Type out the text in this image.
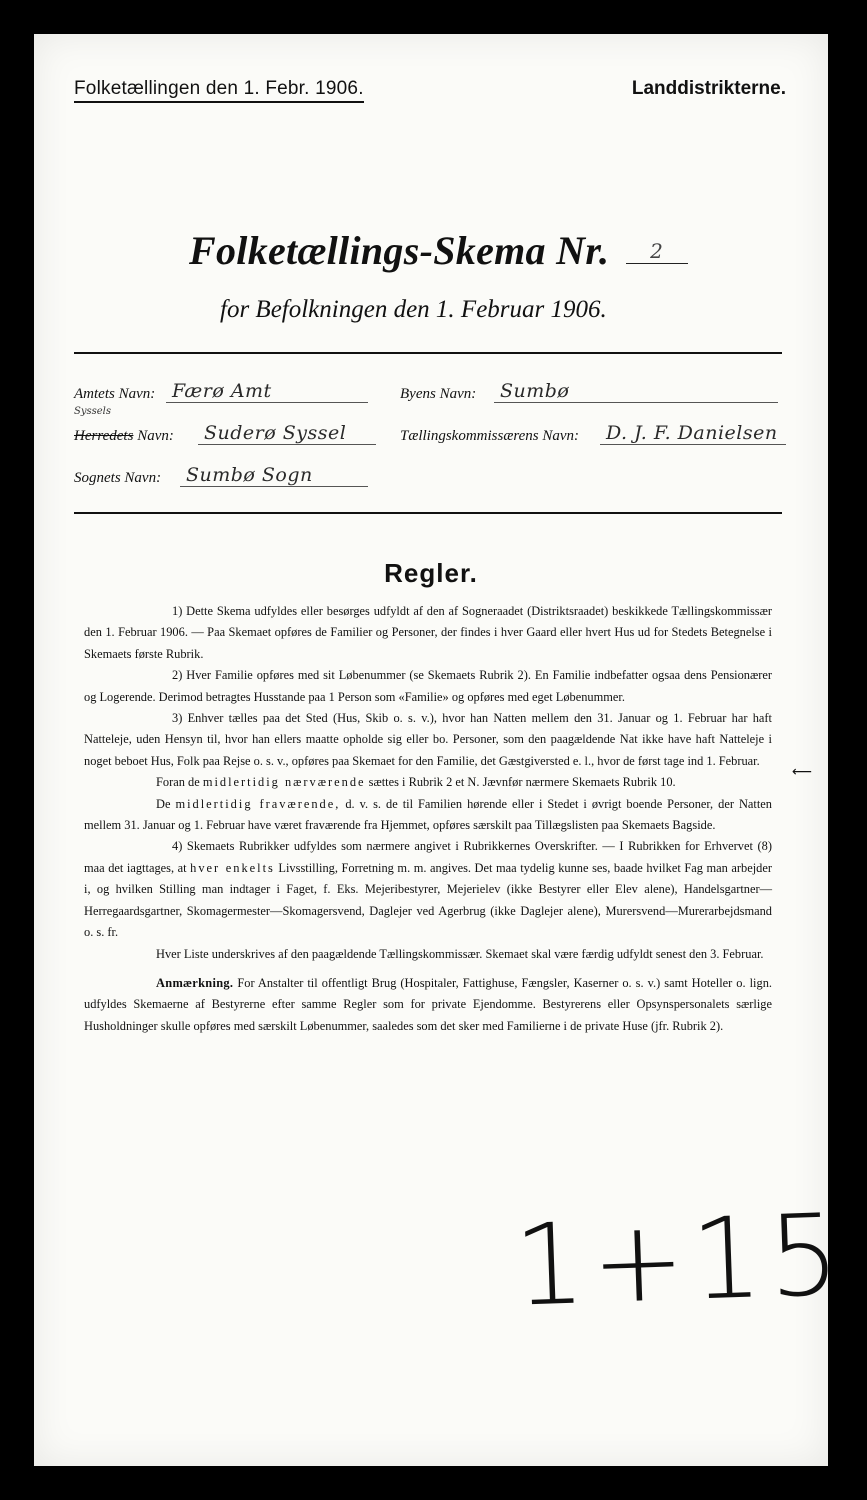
Folketællingen den 1. Febr. 1906.	Landdistrikterne.
Folketællings-Skema Nr. 2
for Befolkningen den 1. Februar 1906.
Amtets Navn: Færø Amt	Byens Navn:	Sumbø
Syssels
Herredets Navn:	Suderø Syssel	Tællingskommissærens Navn:	D. J. F. Danielsen
Sognets Navn:	Sumbø Sogn
Regler.

1) Dette Skema udfyldes eller besørges udfyldt af den af Sogneraadet (Distriktsraadet) beskikkede Tællingskommissær den 1. Februar 1906. — Paa Skemaet opføres de Familier og Personer, der findes i hver Gaard eller hvert Hus ud for Stedets Betegnelse i Skemaets første Rubrik.

2) Hver Familie opføres med sit Løbenummer (se Skemaets Rubrik 2). En Familie indbefatter ogsaa dens Pensionærer og Logerende. Derimod betragtes Husstande paa 1 Person som «Familie» og opføres med eget Løbenummer.

3) Enhver tælles paa det Sted (Hus, Skib o. s. v.), hvor han Natten mellem den 31. Januar og 1. Februar har haft Natteleje, uden Hensyn til, hvor han ellers maatte opholde sig eller bo. Personer, som den paagældende Nat ikke have haft Natteleje i noget beboet Hus, Folk paa Rejse o. s. v., opføres paa Skemaet for den Familie, det Gæstgiversted e. l., hvor de først tage ind 1. Februar.

Foran de midlertidig nærværende sættes i Rubrik 2 et N. Jævnfør nærmere Skemaets Rubrik 10.

De midlertidig fraværende, d. v. s. de til Familien hørende eller i Stedet i øvrigt boende Personer, der Natten mellem 31. Januar og 1. Februar have været fraværende fra Hjemmet, opføres særskilt paa Tillægslisten paa Skemaets Bagside.

4) Skemaets Rubrikker udfyldes som nærmere angivet i Rubrikkernes Overskrifter. — I Rubrikken for Erhvervet (8) maa det iagttages, at hver enkelts Livsstilling, Forretning m. m. angives. Det maa tydelig kunne ses, baade hvilket Fag man arbejder i, og hvilken Stilling man indtager i Faget, f. Eks. Mejeribestyrer, Mejerielev (ikke Bestyrer eller Elev alene), Handelsgartner—Herregaardsgartner, Skomagermester—Skomagersvend, Daglejer ved Agerbrug (ikke Daglejer alene), Murersvend—Murerarbejdsmand o. s. fr.

Hver Liste underskrives af den paagældende Tællingskommissær. Skemaet skal være færdig udfyldt senest den 3. Februar.

Anmærkning. For Anstalter til offentligt Brug (Hospitaler, Fattighuse, Fængsler, Kaserner o. s. v.) samt Hoteller o. lign. udfyldes Skemaerne af Bestyrerne efter samme Regler som for private Ejendomme. Bestyrerens eller Opsynspersonalets særlige Husholdninger skulle opføres med særskilt Løbenummer, saaledes som det sker med Familierne i de private Huse (jfr. Rubrik 2).

⟵
1+15
